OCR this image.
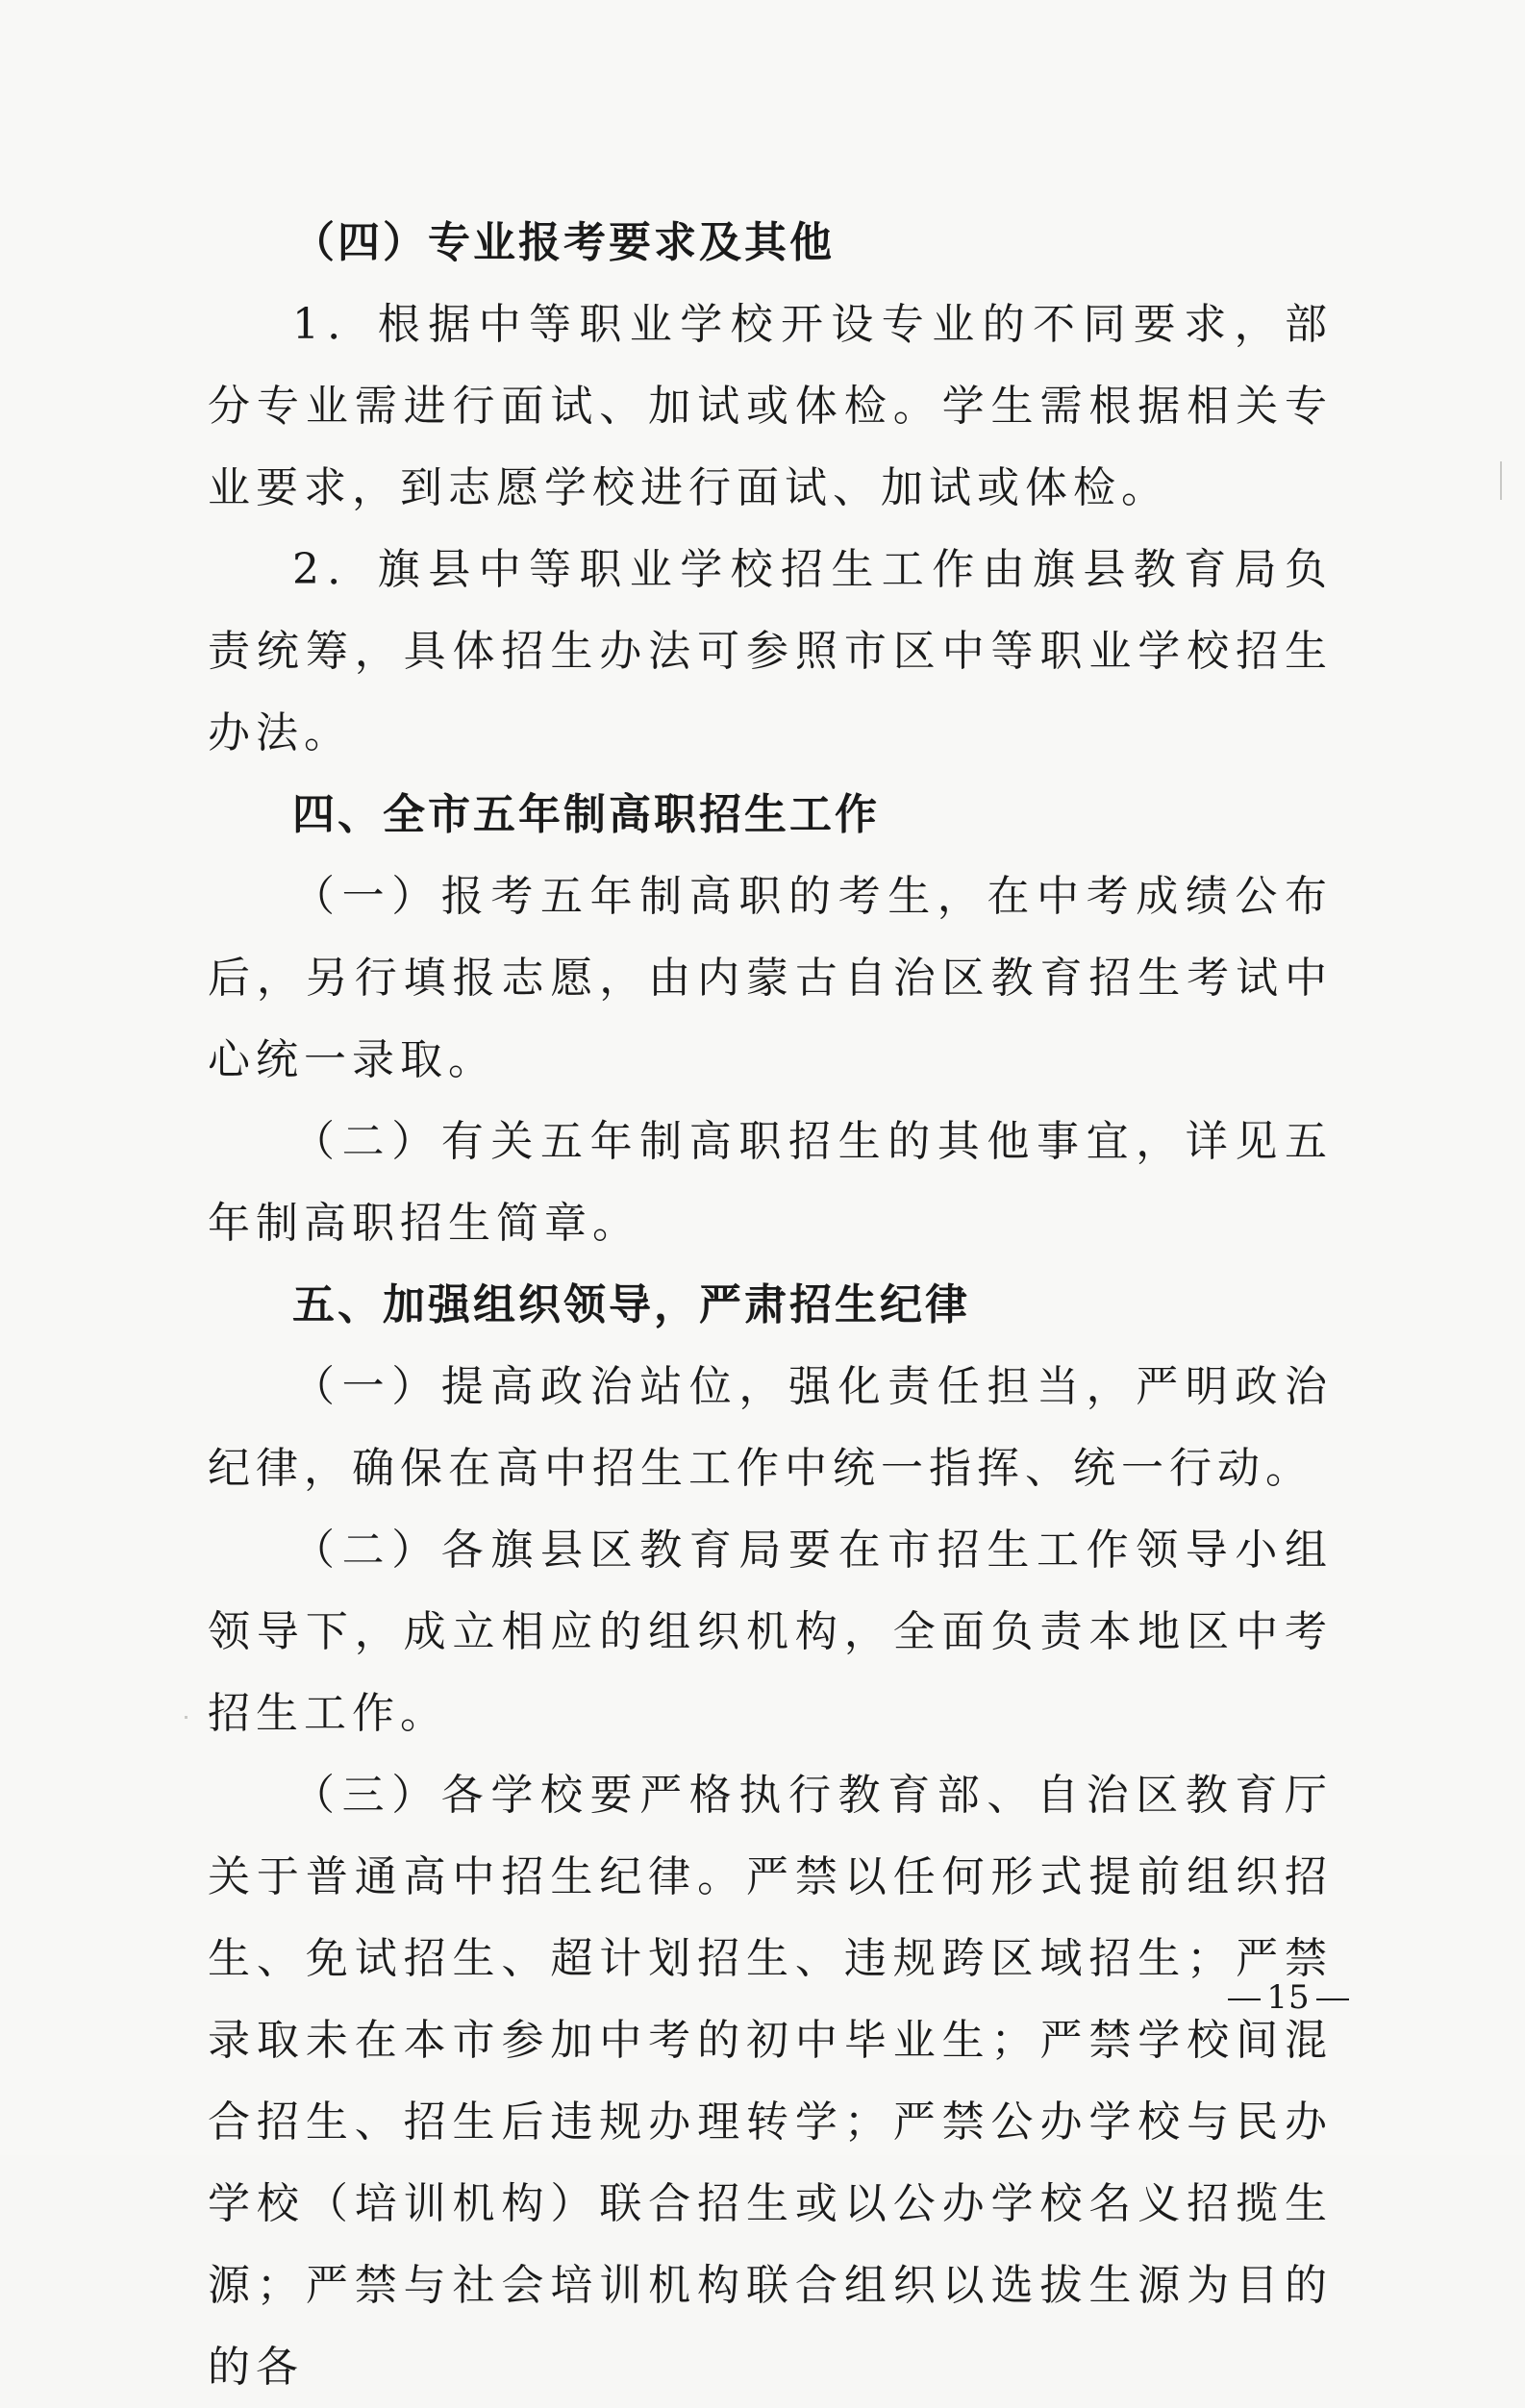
（四）专业报考要求及其他

1．根据中等职业学校开设专业的不同要求，部分专业需进行面试、加试或体检。学生需根据相关专业要求，到志愿学校进行面试、加试或体检。

2．旗县中等职业学校招生工作由旗县教育局负责统筹，具体招生办法可参照市区中等职业学校招生办法。

四、全市五年制高职招生工作

（一）报考五年制高职的考生，在中考成绩公布后，另行填报志愿，由内蒙古自治区教育招生考试中心统一录取。

（二）有关五年制高职招生的其他事宜，详见五年制高职招生简章。

五、加强组织领导，严肃招生纪律

（一）提高政治站位，强化责任担当，严明政治纪律，确保在高中招生工作中统一指挥、统一行动。

（二）各旗县区教育局要在市招生工作领导小组领导下，成立相应的组织机构，全面负责本地区中考招生工作。

（三）各学校要严格执行教育部、自治区教育厅关于普通高中招生纪律。严禁以任何形式提前组织招生、免试招生、超计划招生、违规跨区域招生；严禁录取未在本市参加中考的初中毕业生；严禁学校间混合招生、招生后违规办理转学；严禁公办学校与民办学校（培训机构）联合招生或以公办学校名义招揽生源；严禁与社会培训机构联合组织以选拔生源为目的的各

15
